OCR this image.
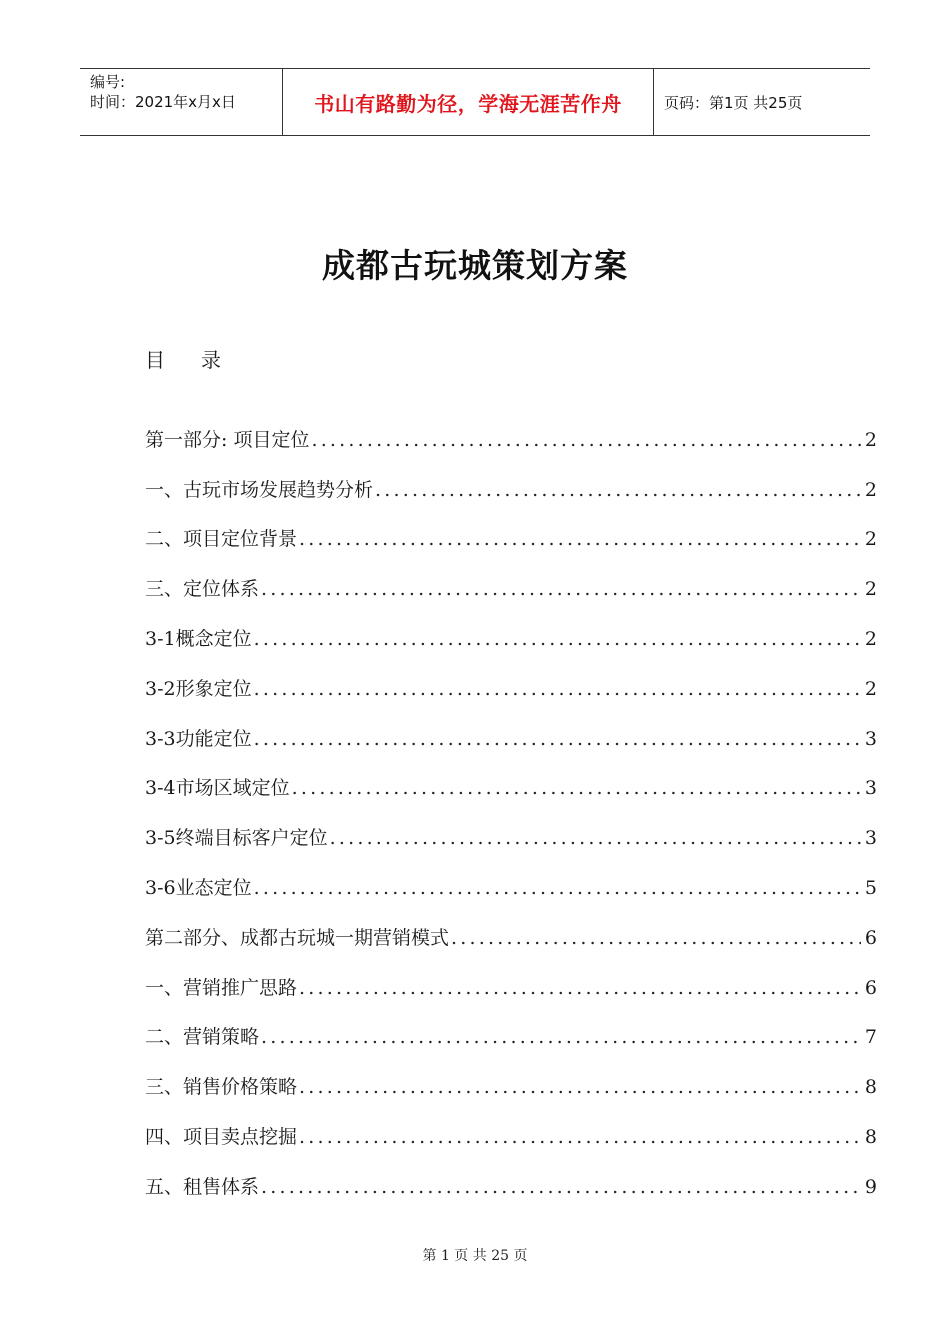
编号:
时间：2021年x月x日	书山有路勤为径，学海无涯苦作舟	页码：第1页 共25页
成都古玩城策划方案
目 录
第一部分: 项目定位 .....	2
一、古玩市场发展趋势分析 .....	2
二、项目定位背景 .....	2
三、定位体系 .....	2
3-1概念定位 .....	2
3-2形象定位 .....	2
3-3功能定位 .....	3
3-4市场区域定位 .....	3
3-5终端目标客户定位 .....	3
3-6业态定位 .....	5
第二部分、成都古玩城一期营销模式 .....	6
一、营销推广思路 .....	6
二、营销策略 .....	7
三、销售价格策略 .....	8
四、项目卖点挖掘 .....	8
五、租售体系 .....	9
第 1 页 共 25 页
